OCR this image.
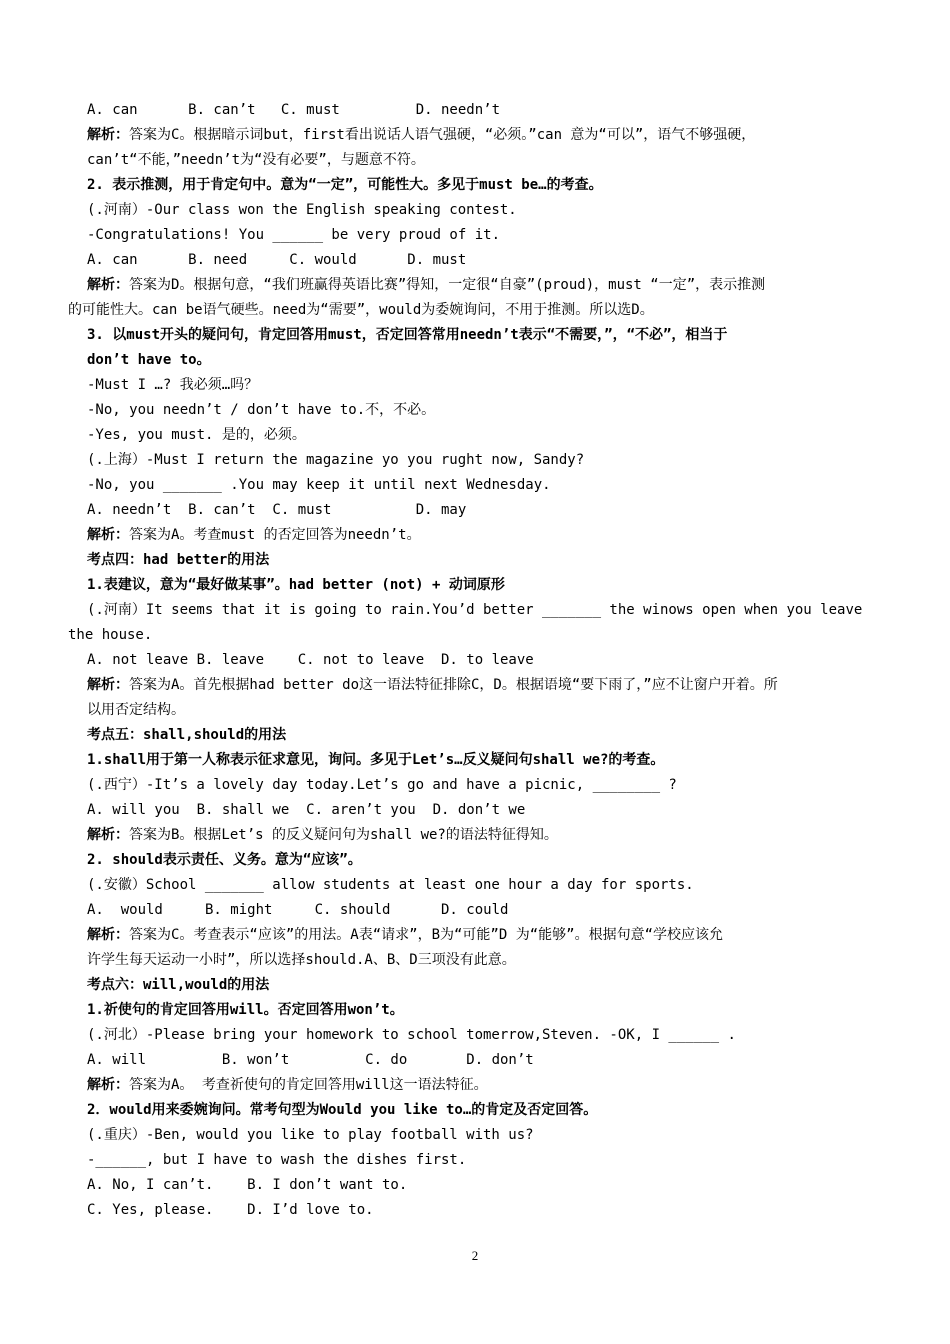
A. can      B. can’t   C. must         D. needn’t
解析：答案为C。根据暗示词but，first看出说话人语气强硬，“必须。”can 意为“可以”，语气不够强硬，
can’t“不能，”needn’t为“没有必要”，与题意不符。
2. 表示推测，用于肯定句中。意为“一定”，可能性大。多见于must be…的考查。
(.河南）-Our class won the English speaking contest.
-Congratulations! You ______ be very proud of it.
A. can      B. need     C. would      D. must
解析：答案为D。根据句意，“我们班赢得英语比赛”得知，一定很“自豪”(proud)，must “一定”，表示推测
的可能性大。can be语气硬些。need为“需要”，would为委婉询问，不用于推测。所以选D。
3. 以must开头的疑问句，肯定回答用must，否定回答常用needn’t表示“不需要，”，“不必”，相当于
don’t have to。
-Must I …? 我必须…吗？
-No, you needn’t / don’t have to.不，不必。
-Yes, you must. 是的，必须。
(.上海）-Must I return the magazine yo you rught now, Sandy?
-No, you _______ .You may keep it until next Wednesday.
A. needn’t  B. can’t  C. must          D. may
解析：答案为A。考查must 的否定回答为needn’t。
考点四：had better的用法
1.表建议，意为“最好做某事”。had better (not) + 动词原形
(.河南）It seems that it is going to rain.You’d better _______ the winows open when you leave
the house.
A. not leave B. leave    C. not to leave  D. to leave
解析：答案为A。首先根据had better do这一语法特征排除C，D。根据语境“要下雨了，”应不让窗户开着。所
以用否定结构。
考点五：shall,should的用法
1.shall用于第一人称表示征求意见，询问。多见于Let’s…反义疑问句shall we?的考查。
(.西宁）-It’s a lovely day today.Let’s go and have a picnic, ________ ?
A. will you  B. shall we  C. aren’t you  D. don’t we
解析：答案为B。根据Let’s 的反义疑问句为shall we?的语法特征得知。
2. should表示责任、义务。意为“应该”。
(.安徽）School _______ allow students at least one hour a day for sports.
A.  would     B. might     C. should      D. could
解析：答案为C。考查表示“应该”的用法。A表“请求”，B为“可能”D 为“能够”。根据句意“学校应该允
许学生每天运动一小时”，所以选择should.A、B、D三项没有此意。
考点六：will,would的用法
1.祈使句的肯定回答用will。否定回答用won’t。
(.河北）-Please bring your homework to school tomerrow,Steven. -OK, I ______ .
A. will         B. won’t         C. do       D. don’t
解析：答案为A。 考查祈使句的肯定回答用will这一语法特征。
2．would用来委婉询问。常考句型为Would you like to…的肯定及否定回答。
(.重庆）-Ben, would you like to play football with us?
-______, but I have to wash the dishes first.
A. No, I can’t.    B. I don’t want to.
C. Yes, please.    D. I’d love to.
2
